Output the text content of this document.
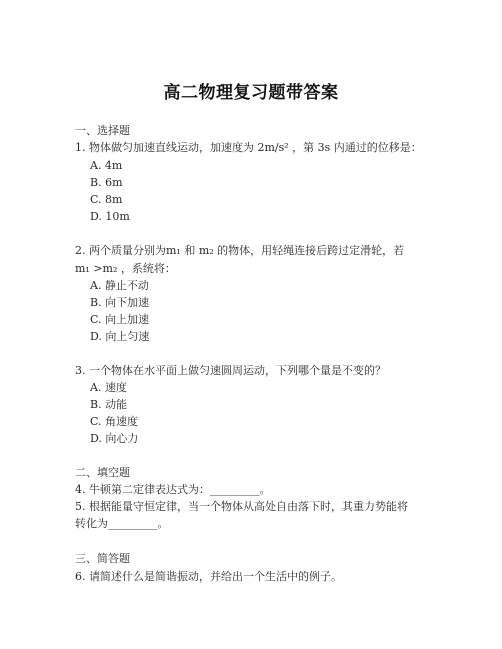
高二物理复习题带答案
一、选择题
1. 物体做匀加速直线运动，加速度为 2m/s² ，第 3s 内通过的位移是：
A. 4m
B. 6m
C. 8m
D. 10m
2. 两个质量分别为m₁ 和 m₂ 的物体，用轻绳连接后跨过定滑轮，若
m₁ >m₂ ，系统将：
A. 静止不动
B. 向下加速
C. 向上加速
D. 向上匀速
3. 一个物体在水平面上做匀速圆周运动，下列哪个量是不变的？
A. 速度
B. 动能
C. 角速度
D. 向心力
二、填空题
4. 牛顿第二定律表达式为：_________。
5. 根据能量守恒定律，当一个物体从高处自由落下时，其重力势能将
转化为_________。
三、简答题
6. 请简述什么是简谐振动，并给出一个生活中的例子。
